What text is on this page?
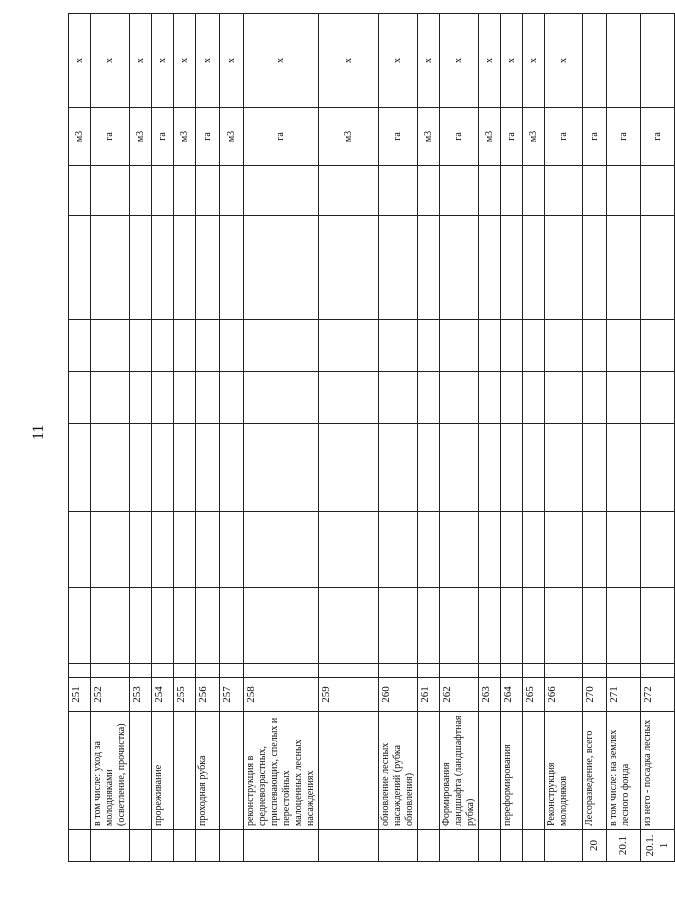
11
		251									м3	x
	в том числе: уход за молодняками (осветление, прочистка)	252									га	x
		253									м3	x
	прореживание	254									га	x
		255									м3	x
	проходная рубка	256									га	x
		257									м3	x
	реконструкция в средневозрастных, приспевающих, спелых и перестойных малоценных лесных насаждениях	258									га	x
		259									м3	x
	обновление лесных насаждений (рубка обновления)	260									га	x
		261									м3	x
	Формирования ландшафта (ландшафтная рубка)	262									га	x
		263									м3	x
	переформирования	264									га	x
		265									м3	x
	Реконструкция молодняков	266									га	x
20	Лесоразведение, всего	270									га	
20.1	в том числе: на землях лесного фонда	271									га	
20.1.1	из него - посадка лесных	272									га	
